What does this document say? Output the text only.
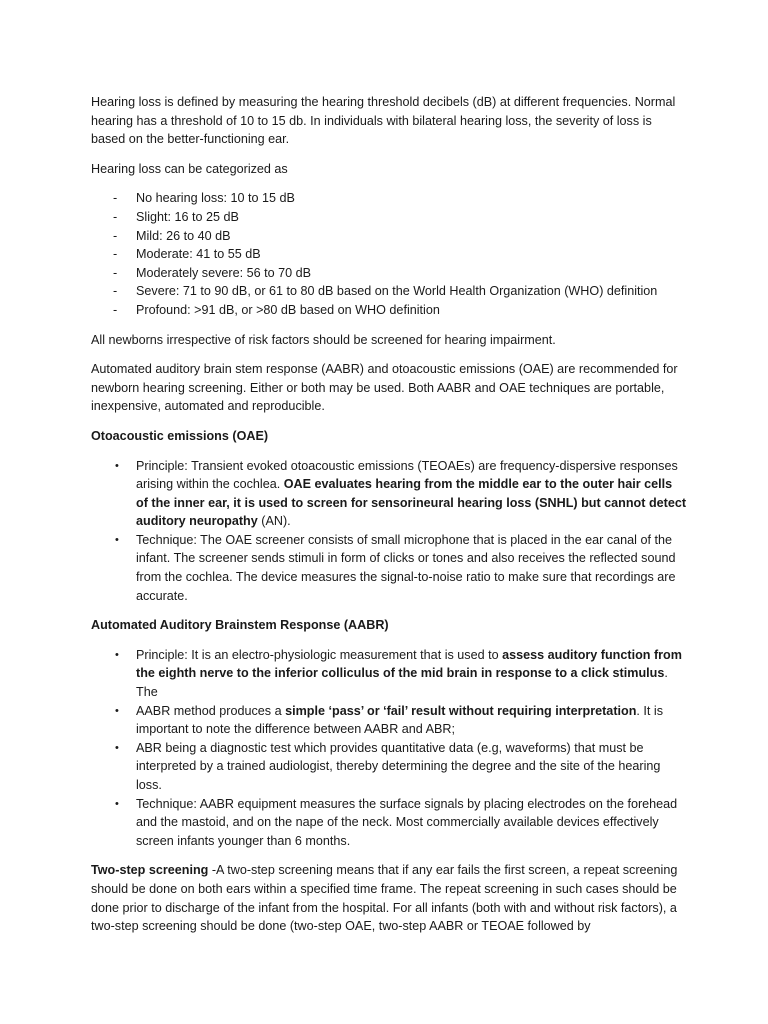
Hearing loss is defined by measuring the hearing threshold decibels (dB) at different frequencies. Normal hearing has a threshold of 10 to 15 db. In individuals with bilateral hearing loss, the severity of loss is based on the better-functioning ear.

Hearing loss can be categorized as

- No hearing loss: 10 to 15 dB
- Slight: 16 to 25 dB
- Mild: 26 to 40 dB
- Moderate: 41 to 55 dB
- Moderately severe: 56 to 70 dB
- Severe: 71 to 90 dB, or 61 to 80 dB based on the World Health Organization (WHO) definition
- Profound: >91 dB, or >80 dB based on WHO definition

All newborns irrespective of risk factors should be screened for hearing impairment.

Automated auditory brain stem response (AABR) and otoacoustic emissions (OAE) are recommended for newborn hearing screening. Either or both may be used. Both AABR and OAE techniques are portable, inexpensive, automated and reproducible.

Otoacoustic emissions (OAE)
• Principle: Transient evoked otoacoustic emissions (TEOAEs) are frequency-dispersive responses arising within the cochlea. OAE evaluates hearing from the middle ear to the outer hair cells of the inner ear, it is used to screen for sensorineural hearing loss (SNHL) but cannot detect auditory neuropathy (AN).
• Technique: The OAE screener consists of small microphone that is placed in the ear canal of the infant. The screener sends stimuli in form of clicks or tones and also receives the reflected sound from the cochlea. The device measures the signal-to-noise ratio to make sure that recordings are accurate.
Automated Auditory Brainstem Response (AABR)
• Principle: It is an electro-physiologic measurement that is used to assess auditory function from the eighth nerve to the inferior colliculus of the mid brain in response to a click stimulus. The
• AABR method produces a simple ‘pass’ or ‘fail’ result without requiring interpretation. It is important to note the difference between AABR and ABR;
• ABR being a diagnostic test which provides quantitative data (e.g, waveforms) that must be interpreted by a trained audiologist, thereby determining the degree and the site of the hearing loss.
• Technique: AABR equipment measures the surface signals by placing electrodes on the forehead and the mastoid, and on the nape of the neck. Most commercially available devices effectively screen infants younger than 6 months.

Two-step screening -A two-step screening means that if any ear fails the first screen, a repeat screening should be done on both ears within a specified time frame. The repeat screening in such cases should be done prior to discharge of the infant from the hospital. For all infants (both with and without risk factors), a two-step screening should be done (two-step OAE, two-step AABR or TEOAE followed by
